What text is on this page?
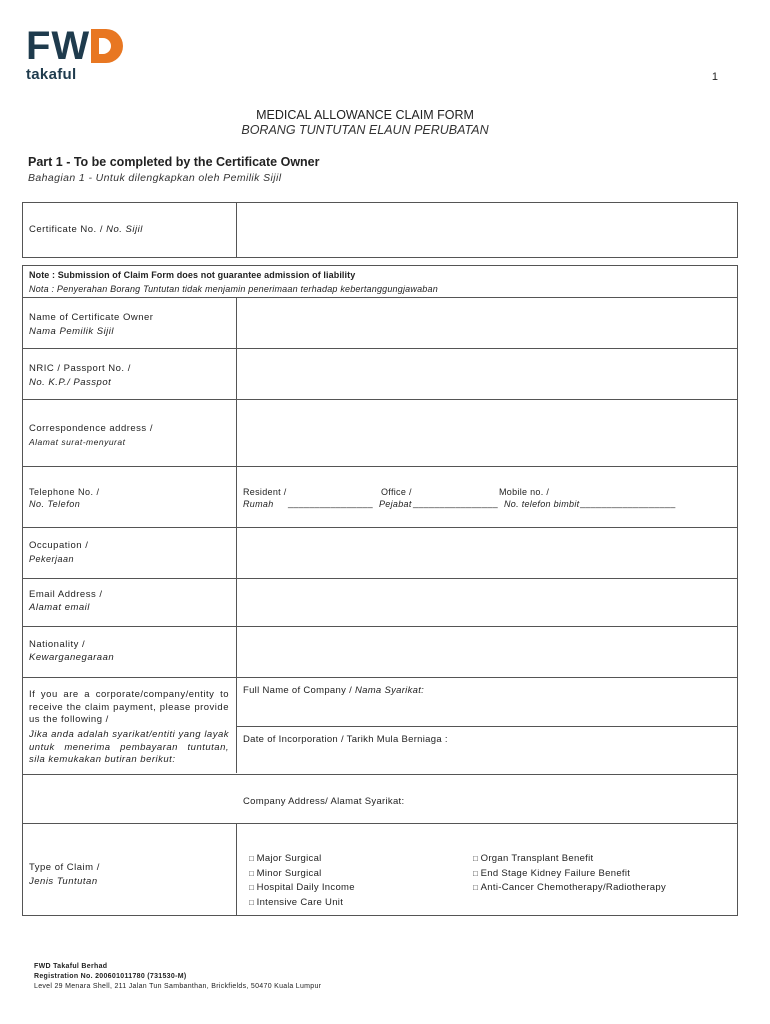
FW
takaful	1
MEDICAL ALLOWANCE CLAIM FORM
BORANG TUNTUTAN ELAUN PERUBATAN
Part 1 - To be completed by the Certificate Owner
Bahagian 1 - Untuk dilengkapkan oleh Pemilik Sijil
Certificate No. / No. Sijil
Note : Submission of Claim Form does not guarantee admission of liability
Nota : Penyerahan Borang Tuntutan tidak menjamin penerimaan terhadap kebertanggungjawaban
Name of Certificate Owner
Nama Pemilik Sijil
NRIC / Passport No. /
No. K.P./ Passpot
Correspondence address /
Alamat surat-menyurat
Telephone No. /
No. Telefon
Resident /
Rumah ________________
Office /
Pejabat ________________
Mobile no. /
No. telefon bimbit __________________
Occupation /
Pekerjaan
Email Address /
Alamat email
Nationality /
Kewarganegaraan
If you are a corporate/company/entity to receive the claim payment, please provide us the following /
Jika anda adalah syarikat/entiti yang layak untuk menerima pembayaran tuntutan, sila kemukakan butiran berikut:
Full Name of Company / Nama Syarikat:
Date of Incorporation / Tarikh Mula Berniaga :
Company Address/ Alamat Syarikat:
Type of Claim /
Jenis Tuntutan
□ Major Surgical
□ Minor Surgical
□ Hospital Daily Income
□ Intensive Care Unit
□ Organ Transplant Benefit
□ End Stage Kidney Failure Benefit
□ Anti-Cancer Chemotherapy/Radiotherapy
FWD Takaful Berhad
Registration No. 200601011780 (731530-M)
Level 29 Menara Shell, 211 Jalan Tun Sambanthan, Brickfields, 50470 Kuala Lumpur
